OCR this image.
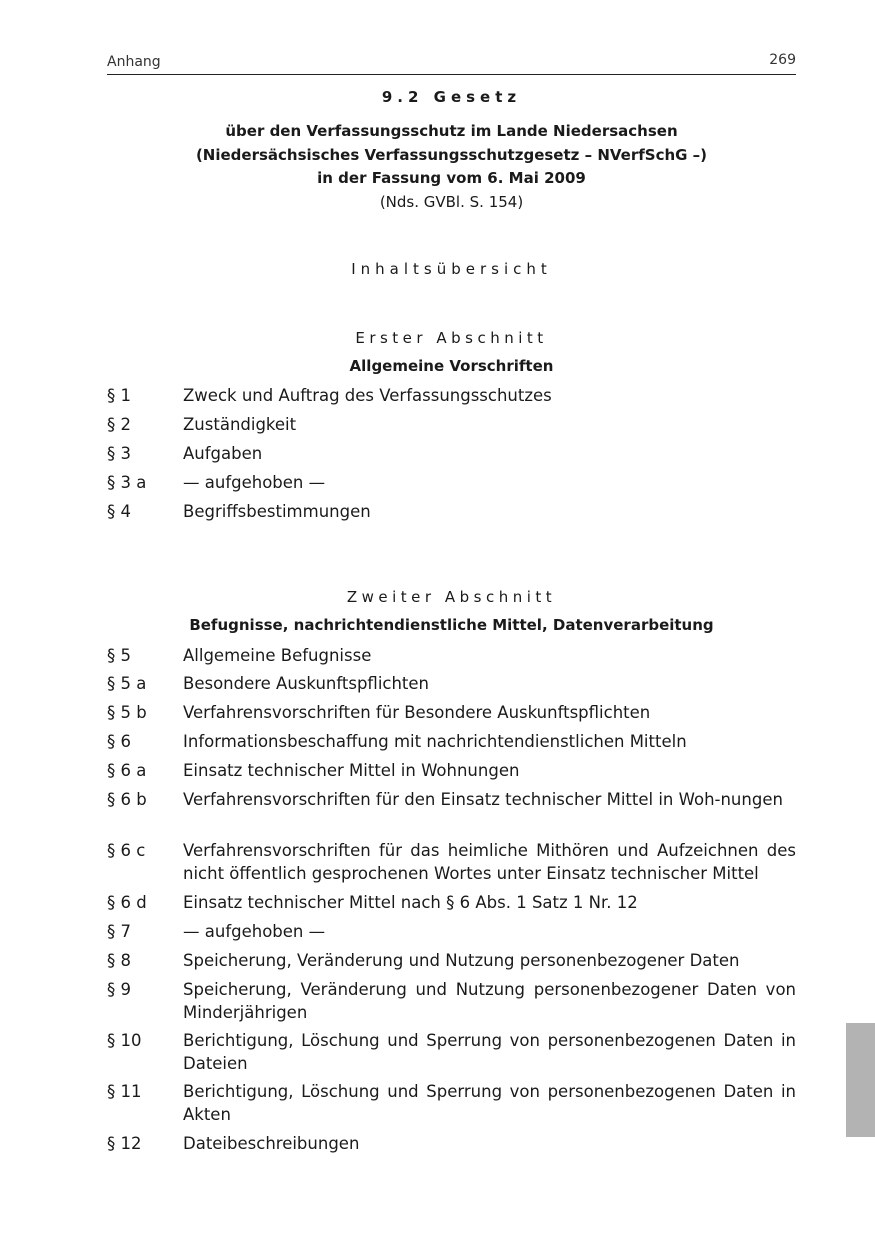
Anhang	269
9.2 Gesetz
über den Verfassungsschutz im Lande Niedersachsen
(Niedersächsisches Verfassungsschutzgesetz – NVerfSchG –)
in der Fassung vom 6. Mai 2009
(Nds. GVBl. S. 154)
Inhaltsübersicht
Erster Abschnitt
Allgemeine Vorschriften
§ 1	Zweck und Auftrag des Verfassungsschutzes
§ 2	Zuständigkeit
§ 3	Aufgaben
§ 3 a	— aufgehoben —
§ 4	Begriffsbestimmungen
Zweiter Abschnitt
Befugnisse, nachrichtendienstliche Mittel, Datenverarbeitung
§ 5	Allgemeine Befugnisse
§ 5 a	Besondere Auskunftspflichten
§ 5 b	Verfahrensvorschriften für Besondere Auskunftspflichten
§ 6	Informationsbeschaffung mit nachrichtendienstlichen Mitteln
§ 6 a	Einsatz technischer Mittel in Wohnungen
§ 6 b	Verfahrensvorschriften für den Einsatz technischer Mittel in Woh-nungen
§ 6 c	Verfahrensvorschriften für das heimliche Mithören und Aufzeichnen des nicht öffentlich gesprochenen Wortes unter Einsatz technischer Mittel
§ 6 d	Einsatz technischer Mittel nach § 6 Abs. 1 Satz 1 Nr. 12
§ 7	— aufgehoben —
§ 8	Speicherung, Veränderung und Nutzung personenbezogener Daten
§ 9	Speicherung, Veränderung und Nutzung personenbezogener Daten von Minderjährigen
§ 10	Berichtigung, Löschung und Sperrung von personenbezogenen Daten in Dateien
§ 11	Berichtigung, Löschung und Sperrung von personenbezogenen Daten in Akten
§ 12	Dateibeschreibungen
